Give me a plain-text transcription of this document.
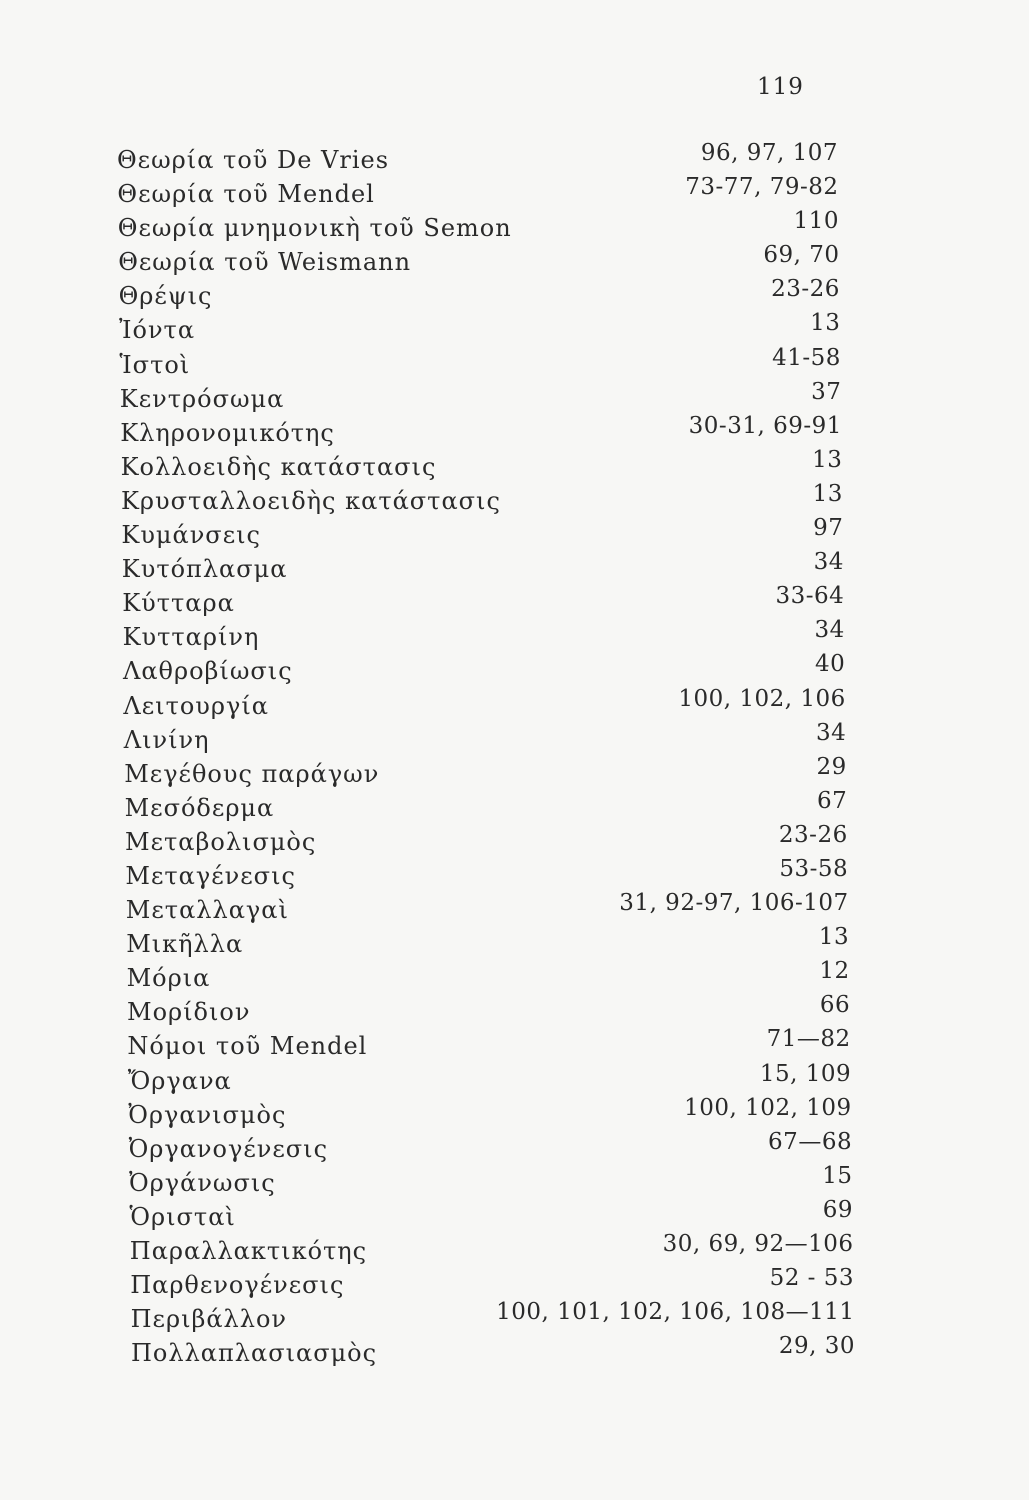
119
Θεωρία τοῦ De Vries	96, 97, 107
Θεωρία τοῦ Mendel	73-77, 79-82
Θεωρία μνημονικὴ τοῦ Semon	110
Θεωρία τοῦ Weismann	69, 70
Θρέψις	23-26
Ἰόντα	13
Ἱστοὶ	41-58
Κεντρόσωμα	37
Κληρονομικότης	30-31, 69-91
Κολλοειδὴς κατάστασις	13
Κρυσταλλοειδὴς κατάστασις	13
Κυμάνσεις	97
Κυτόπλασμα	34
Κύτταρα	33-64
Κυτταρίνη	34
Λαθροβίωσις	40
Λειτουργία	100, 102, 106
Λινίνη	34
Μεγέθους παράγων	29
Μεσόδερμα	67
Μεταβολισμὸς	23-26
Μεταγένεσις	53-58
Μεταλλαγαὶ	31, 92-97, 106-107
Μικῆλλα	13
Μόρια	12
Μορίδιον	66
Νόμοι τοῦ Mendel	71—82
Ὄργανα	15, 109
Ὀργανισμὸς	100, 102, 109
Ὀργανογένεσις	67—68
Ὀργάνωσις	15
Ὁρισταὶ	69
Παραλλακτικότης	30, 69, 92—106
Παρθενογένεσις	52 - 53
Περιβάλλον	100, 101, 102, 106, 108—111
Πολλαπλασιασμὸς	29, 30
